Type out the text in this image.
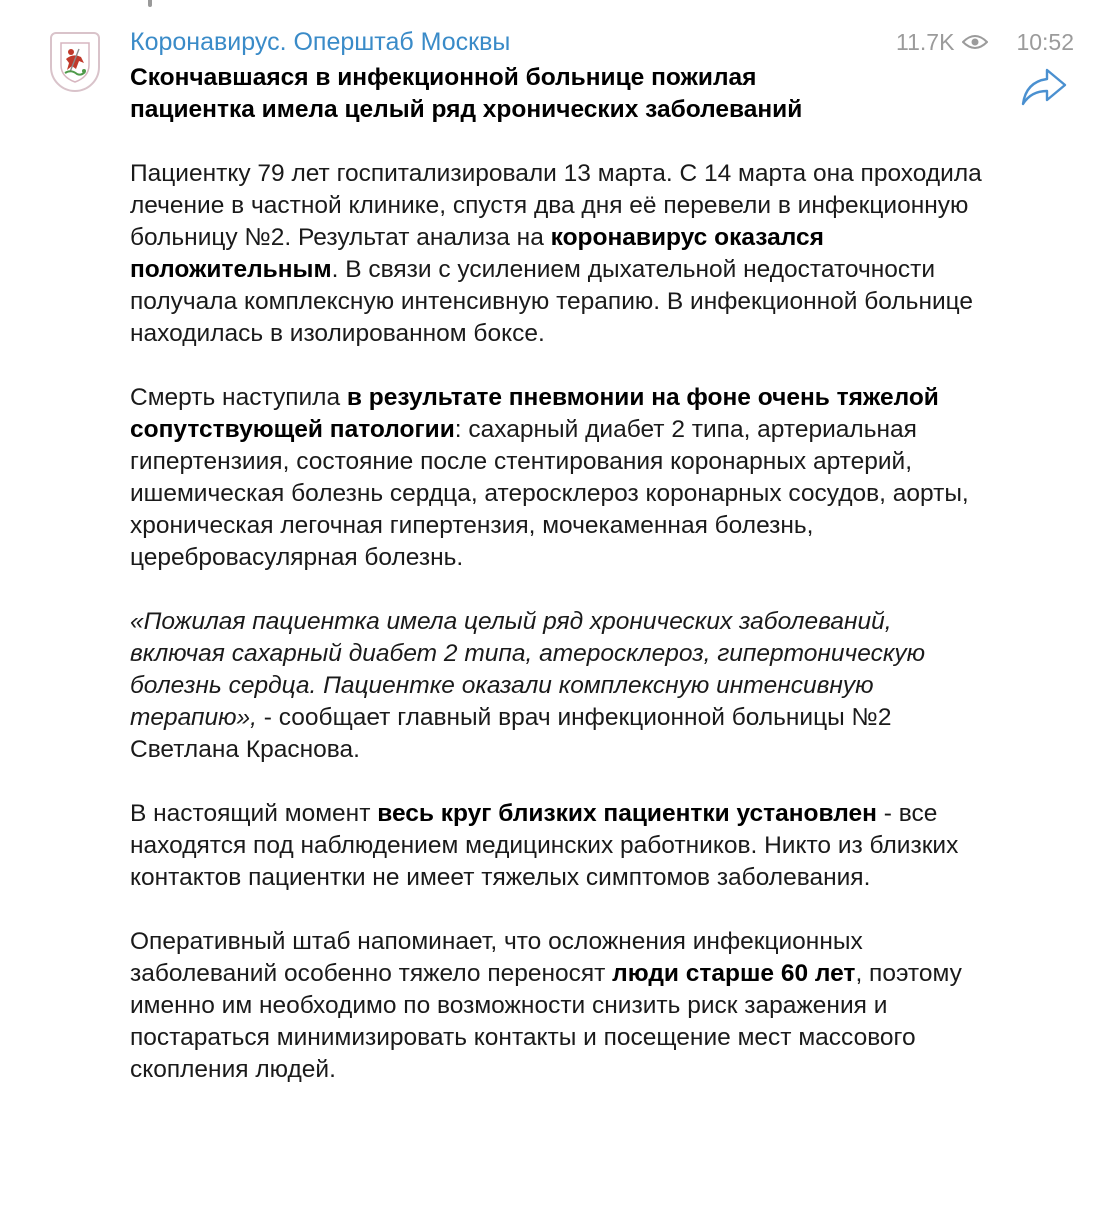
Коронавирус. Оперштаб Москвы	11.7K	10:52

Скончавшаяся в инфекционной больнице пожилая
пациентка имела целый ряд хронических заболеваний

Пациентку 79 лет госпитализировали 13 марта. С 14 марта она проходила лечение в частной клинике, спустя два дня её перевели в инфекционную больницу №2. Результат анализа на коронавирус оказался положительным. В связи с усилением дыхательной недостаточности получала комплексную интенсивную терапию. В инфекционной больнице находилась в изолированном боксе.

Смерть наступила в результате пневмонии на фоне очень тяжелой сопутствующей патологии: сахарный диабет 2 типа, артериальная гипертензиия, состояние после стентирования коронарных артерий, ишемическая болезнь сердца, атеросклероз коронарных сосудов, аорты, хроническая легочная гипертензия, мочекаменная болезнь, цереброваcулярная болезнь.

«Пожилая пациентка имела целый ряд хронических заболеваний, включая сахарный диабет 2 типа, атеросклероз, гипертоническую болезнь сердца. Пациентке оказали комплексную интенсивную терапию», - сообщает главный врач инфекционной больницы №2 Светлана Краснова.

В настоящий момент весь круг близких пациентки установлен - все находятся под наблюдением медицинских работников. Никто из близких контактов пациентки не имеет тяжелых симптомов заболевания.

Оперативный штаб напоминает, что осложнения инфекционных заболеваний особенно тяжело переносят люди старше 60 лет, поэтому именно им необходимо по возможности снизить риск заражения и постараться минимизировать контакты и посещение мест массового скопления людей.
